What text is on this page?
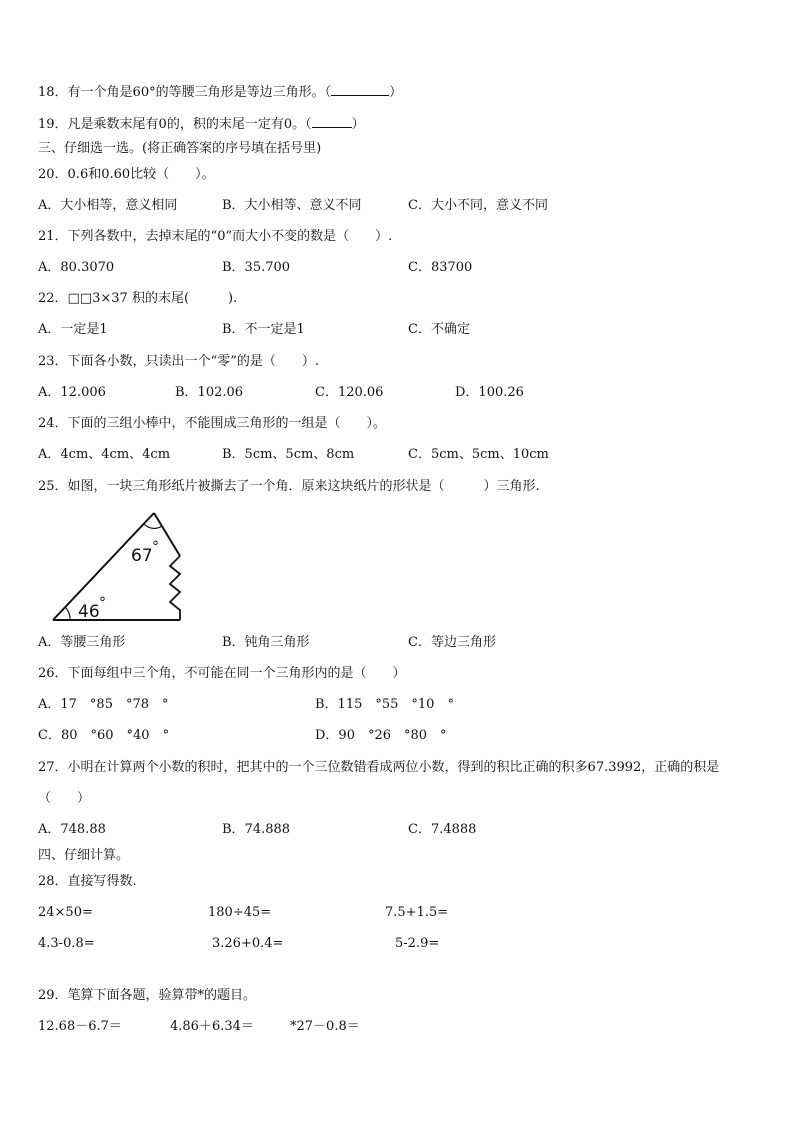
18．有一个角是60°的等腰三角形是等边三角形。（	）
19．凡是乘数末尾有0的，积的末尾一定有0。（	）
三、仔细选一选。(将正确答案的序号填在括号里)
20．0.6和0.60比较（　　）。
A．大小相等，意义相同	B．大小相等、意义不同	C．大小不同，意义不同
21．下列各数中，去掉末尾的“0”而大小不变的数是（　　）.
A．80.3070	B．35.700	C．83700
22．□□3×37 积的末尾(　　　).
A．一定是1	B．不一定是1	C．不确定
23．下面各小数，只读出一个“零”的是（　　）.
A．12.006	B．102.06	C．120.06	D．100.26
24．下面的三组小棒中，不能围成三角形的一组是（　　）。
A．4cm、4cm、4cm	B．5cm、5cm、8cm	C．5cm、5cm、10cm
25．如图，一块三角形纸片被撕去了一个角．原来这块纸片的形状是（　　　）三角形.
67 °
46 °
A．等腰三角形	B．钝角三角形	C．等边三角形
26．下面每组中三个角，不可能在同一个三角形内的是（　　）
A．17　°85　°78　°	B．115　°55　°10　°
C．80　°60　°40　°	D．90　°26　°80　°
27．小明在计算两个小数的积时，把其中的一个三位数错看成两位小数，得到的积比正确的积多67.3992，正确的积是
（　　）
A．748.88	B．74.888	C．7.4888
四、仔细计算。
28．直接写得数.
24×50=	180÷45=	7.5+1.5=
4.3-0.8=	3.26+0.4=	5-2.9=
29．笔算下面各题，验算带*的题目。
12.68－6.7＝	4.86＋6.34＝	*27－0.8＝
